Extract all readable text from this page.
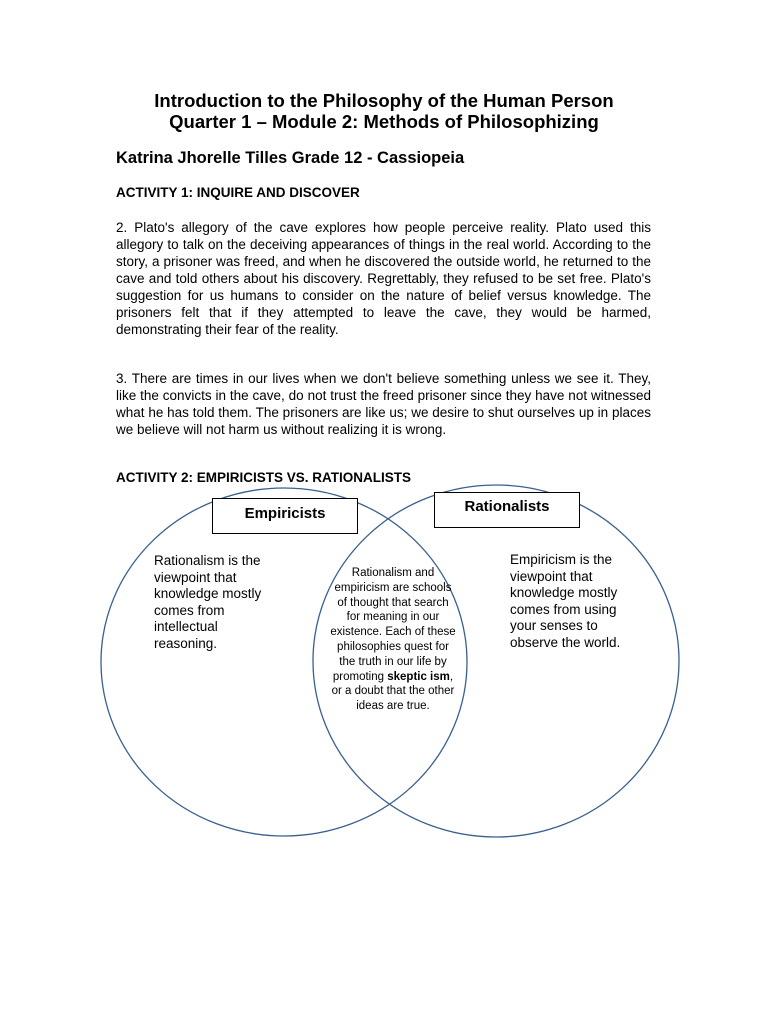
Introduction to the Philosophy of the Human Person
Quarter 1 – Module 2: Methods of Philosophizing

Katrina Jhorelle Tilles Grade 12 - Cassiopeia

ACTIVITY 1: INQUIRE AND DISCOVER

2. Plato's allegory of the cave explores how people perceive reality. Plato used this allegory to talk on the deceiving appearances of things in the real world. According to the story, a prisoner was freed, and when he discovered the outside world, he returned to the cave and told others about his discovery. Regrettably, they refused to be set free. Plato's suggestion for us humans to consider on the nature of belief versus knowledge. The prisoners felt that if they attempted to leave the cave, they would be harmed, demonstrating their fear of the reality.

3. There are times in our lives when we don't believe something unless we see it. They, like the convicts in the cave, do not trust the freed prisoner since they have not witnessed what he has told them. The prisoners are like us; we desire to shut ourselves up in places we believe will not harm us without realizing it is wrong.

ACTIVITY 2: EMPIRICISTS VS. RATIONALISTS
Empiricists	Rationalists

Rationalism is the viewpoint that knowledge mostly comes from intellectual reasoning.

Empiricism is the viewpoint that knowledge mostly comes from using your senses to observe the world.

Rationalism and empiricism are schools of thought that search for meaning in our existence. Each of these philosophies quest for the truth in our life by promoting skeptic ism, or a doubt that the other ideas are true.
